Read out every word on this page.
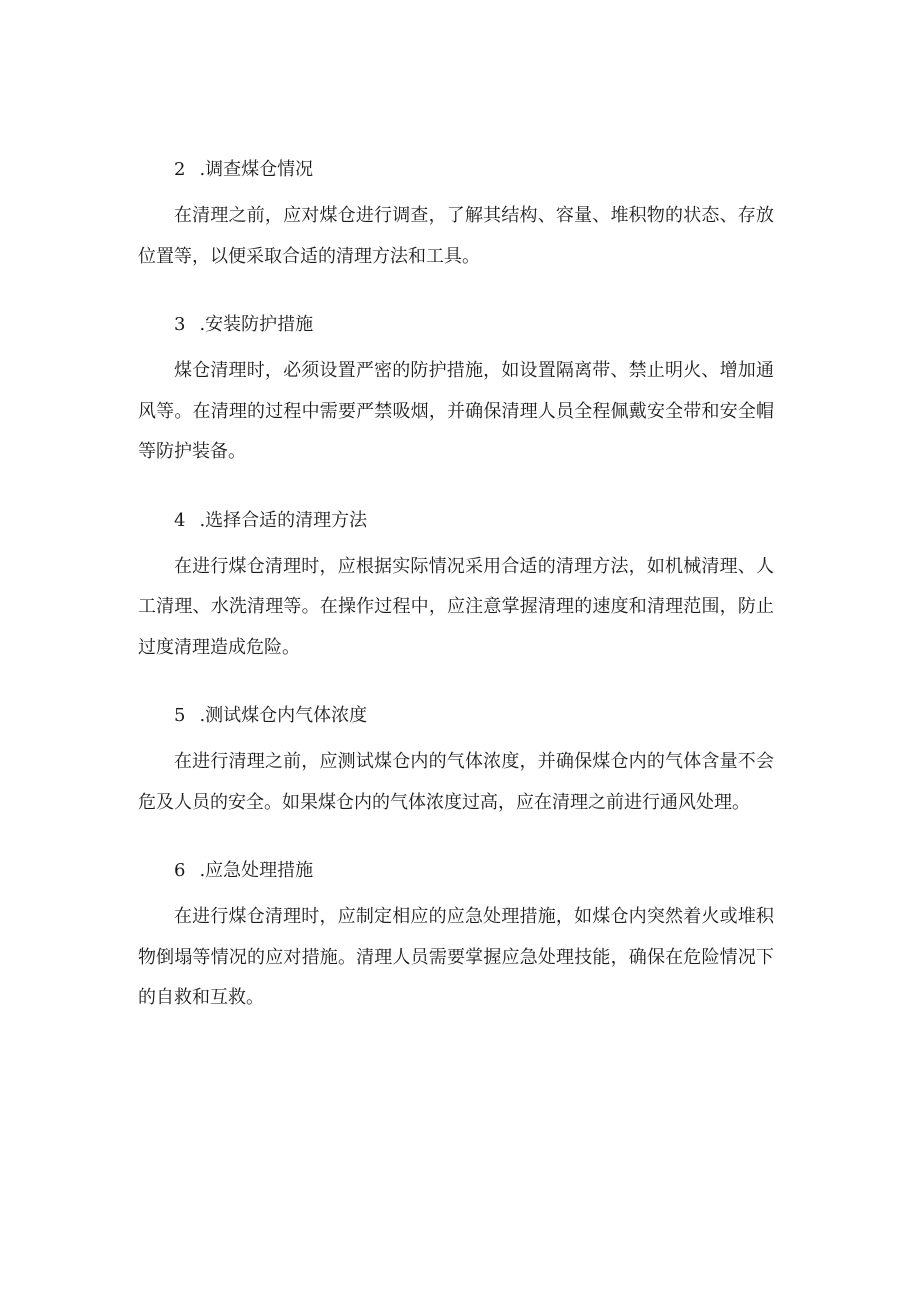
2 .调查煤仓情况

在清理之前，应对煤仓进行调查，了解其结构、容量、堆积物的状态、存放位置等，以便采取合适的清理方法和工具。

3 .安装防护措施

煤仓清理时，必须设置严密的防护措施，如设置隔离带、禁止明火、增加通风等。在清理的过程中需要严禁吸烟，并确保清理人员全程佩戴安全带和安全帽等防护装备。

4 .选择合适的清理方法

在进行煤仓清理时，应根据实际情况采用合适的清理方法，如机械清理、人工清理、水洗清理等。在操作过程中，应注意掌握清理的速度和清理范围，防止过度清理造成危险。

5 .测试煤仓内气体浓度

在进行清理之前，应测试煤仓内的气体浓度，并确保煤仓内的气体含量不会危及人员的安全。如果煤仓内的气体浓度过高，应在清理之前进行通风处理。

6 .应急处理措施

在进行煤仓清理时，应制定相应的应急处理措施，如煤仓内突然着火或堆积物倒塌等情况的应对措施。清理人员需要掌握应急处理技能，确保在危险情况下的自救和互救。
